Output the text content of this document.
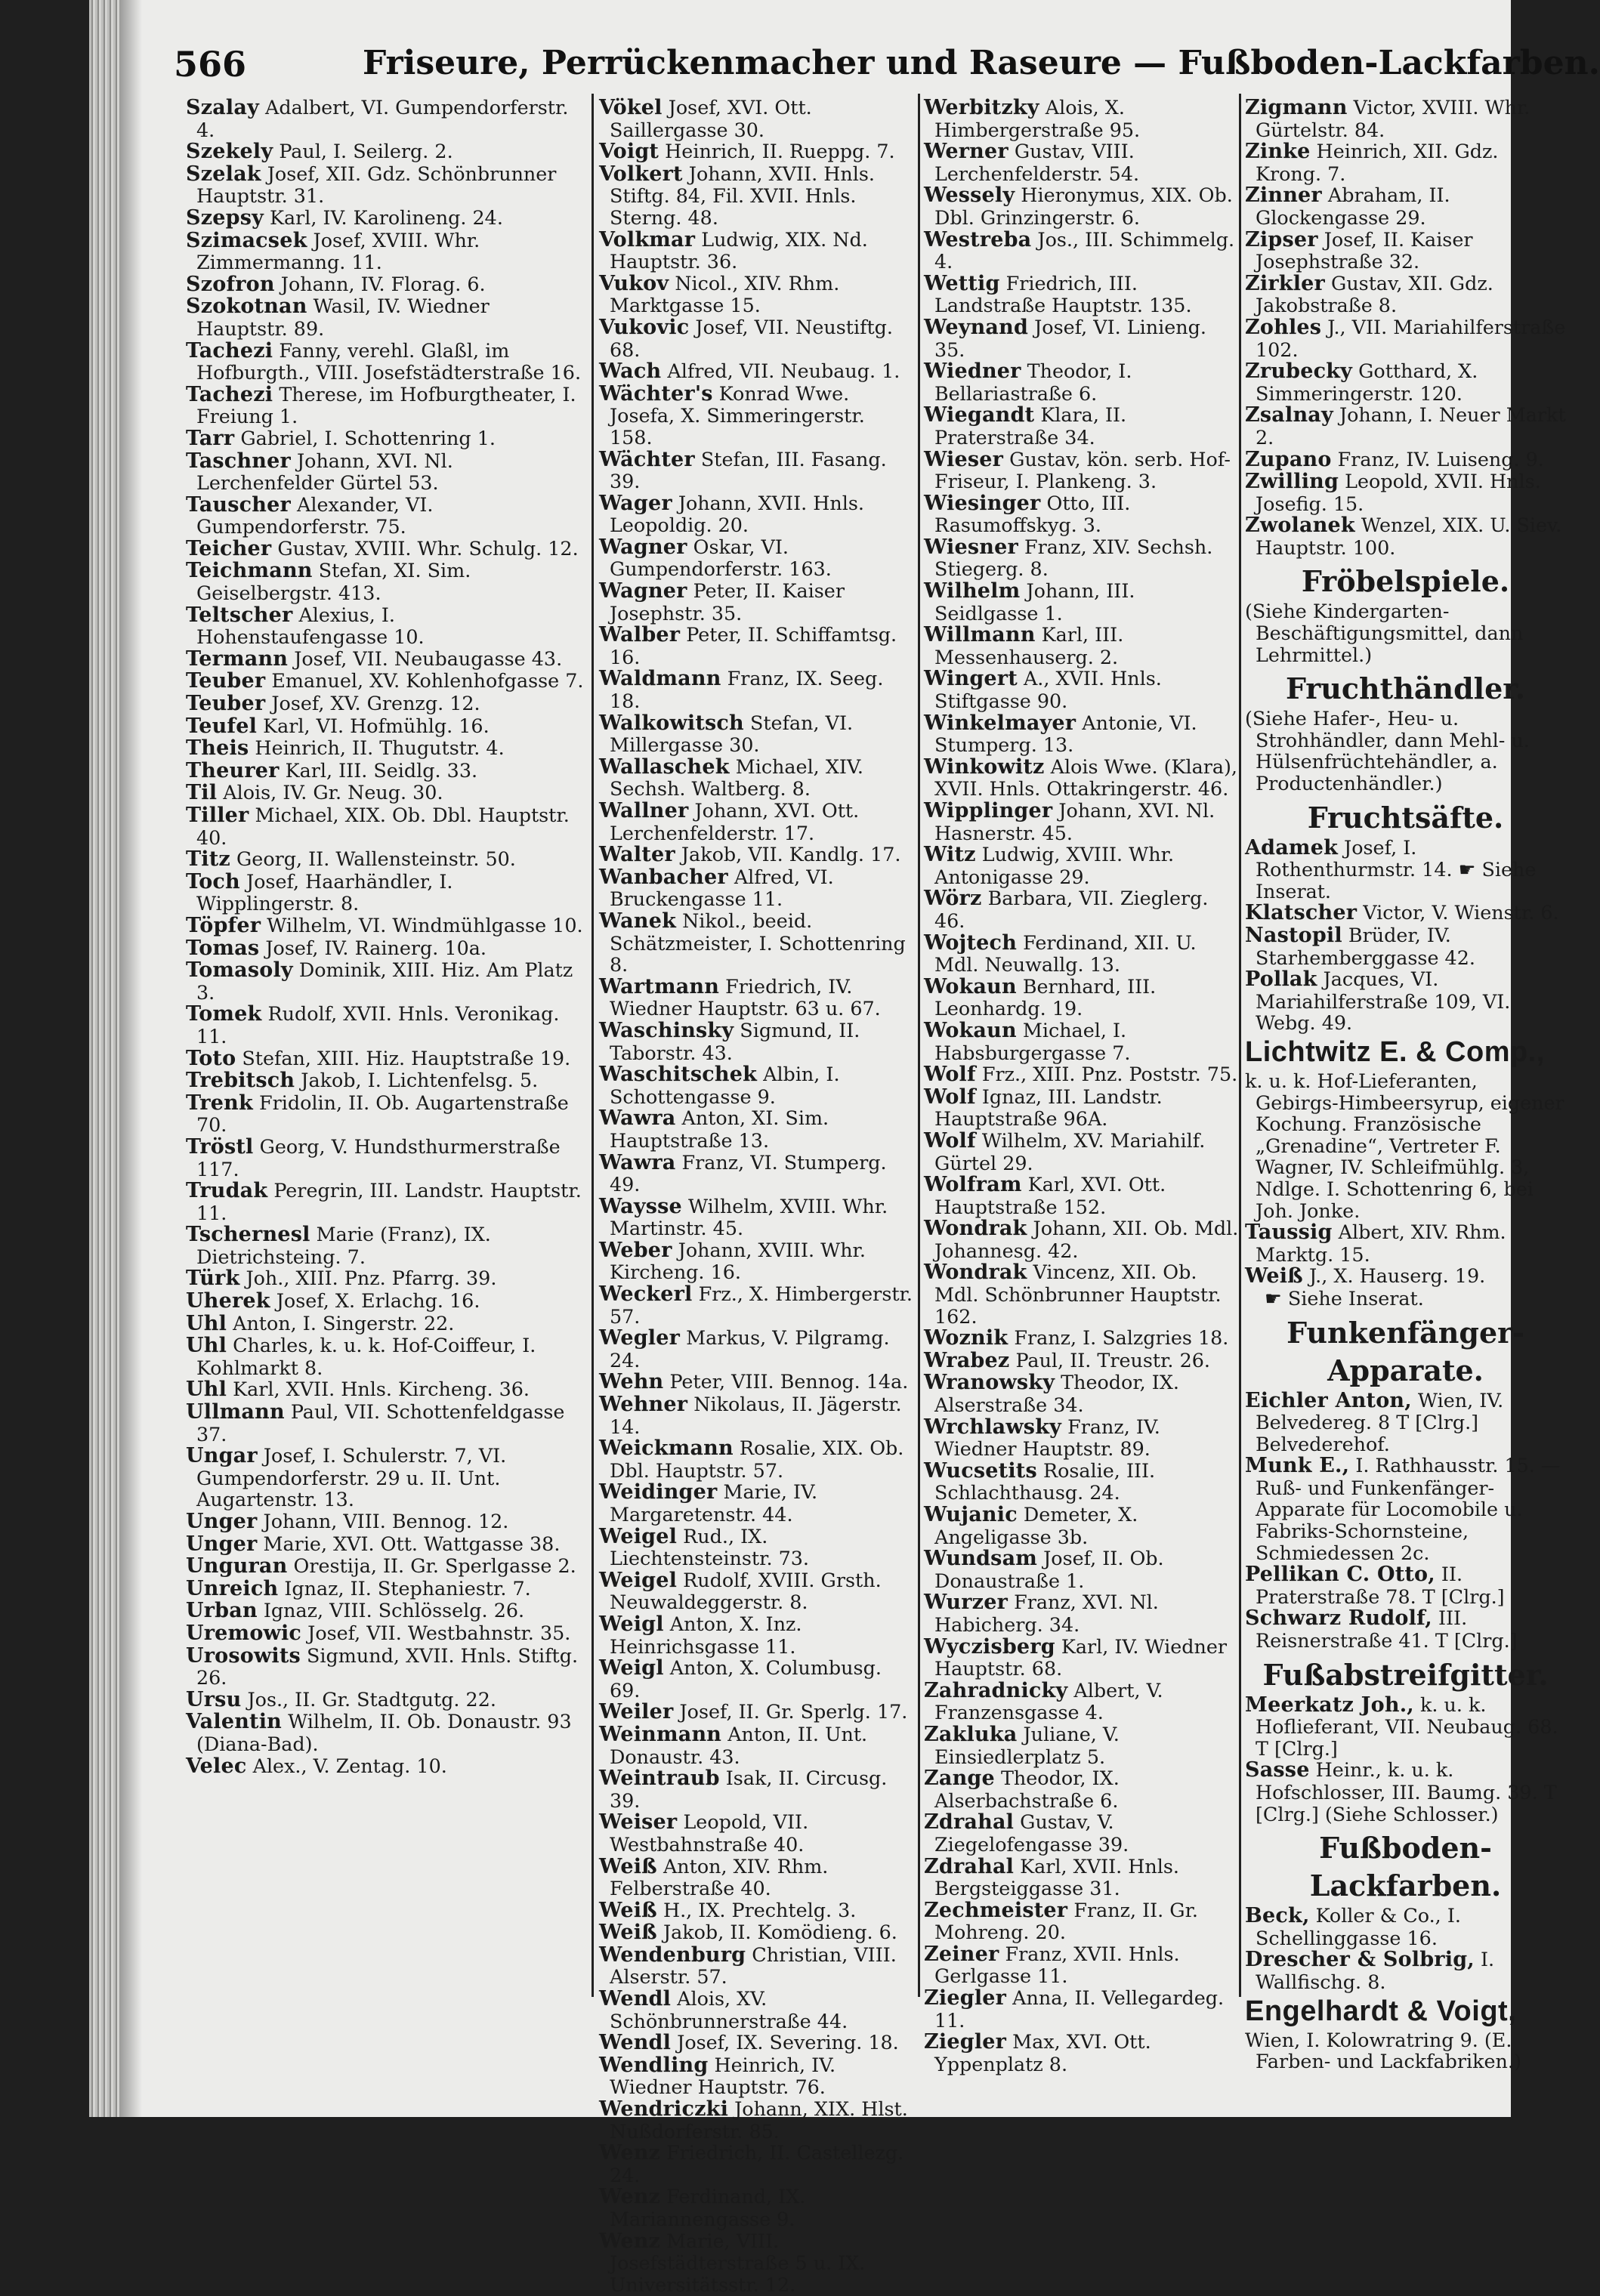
566	Friseure, Perrückenmacher und Raseure — Fußboden-Lackfarben.
Szalay Adalbert, VI. Gumpendorferstr. 4.
Szekely Paul, I. Seilerg. 2.
Szelak Josef, XII. Gdz. Schönbrunner Hauptstr. 31.
Szepsy Karl, IV. Karolineng. 24.
Szimacsek Josef, XVIII. Whr. Zimmermanng. 11.
Szofron Johann, IV. Florag. 6.
Szokotnan Wasil, IV. Wiedner Hauptstr. 89.
Tachezi Fanny, verehl. Glaßl, im Hofburgth., VIII. Josefstädterstraße 16.
Tachezi Therese, im Hofburgtheater, I. Freiung 1.
Tarr Gabriel, I. Schottenring 1.
Taschner Johann, XVI. Nl. Lerchenfelder Gürtel 53.
Tauscher Alexander, VI. Gumpendorferstr. 75.
Teicher Gustav, XVIII. Whr. Schulg. 12.
Teichmann Stefan, XI. Sim. Geiselbergstr. 413.
Teltscher Alexius, I. Hohenstaufengasse 10.
Termann Josef, VII. Neubaugasse 43.
Teuber Emanuel, XV. Kohlenhofgasse 7.
Teuber Josef, XV. Grenzg. 12.
Teufel Karl, VI. Hofmühlg. 16.
Theis Heinrich, II. Thugutstr. 4.
Theurer Karl, III. Seidlg. 33.
Til Alois, IV. Gr. Neug. 30.
Tiller Michael, XIX. Ob. Dbl. Hauptstr. 40.
Titz Georg, II. Wallensteinstr. 50.
Toch Josef, Haarhändler, I. Wipplingerstr. 8.
Töpfer Wilhelm, VI. Windmühlgasse 10.
Tomas Josef, IV. Rainerg. 10a.
Tomasoly Dominik, XIII. Hiz. Am Platz 3.
Tomek Rudolf, XVII. Hnls. Veronikag. 11.
Toto Stefan, XIII. Hiz. Hauptstraße 19.
Trebitsch Jakob, I. Lichtenfelsg. 5.
Trenk Fridolin, II. Ob. Augartenstraße 70.
Tröstl Georg, V. Hundsthurmerstraße 117.
Trudak Peregrin, III. Landstr. Hauptstr. 11.
Tschernesl Marie (Franz), IX. Dietrichsteing. 7.
Türk Joh., XIII. Pnz. Pfarrg. 39.
Uherek Josef, X. Erlachg. 16.
Uhl Anton, I. Singerstr. 22.
Uhl Charles, k. u. k. Hof-Coiffeur, I. Kohlmarkt 8.
Uhl Karl, XVII. Hnls. Kircheng. 36.
Ullmann Paul, VII. Schottenfeldgasse 37.
Ungar Josef, I. Schulerstr. 7, VI. Gumpendorferstr. 29 u. II. Unt. Augartenstr. 13.
Unger Johann, VIII. Bennog. 12.
Unger Marie, XVI. Ott. Wattgasse 38.
Unguran Orestija, II. Gr. Sperlgasse 2.
Unreich Ignaz, II. Stephaniestr. 7.
Urban Ignaz, VIII. Schlösselg. 26.
Uremowic Josef, VII. Westbahnstr. 35.
Urosowits Sigmund, XVII. Hnls. Stiftg. 26.
Ursu Jos., II. Gr. Stadtgutg. 22.
Valentin Wilhelm, II. Ob. Donaustr. 93 (Diana-Bad).
Velec Alex., V. Zentag. 10.
Vökel Josef, XVI. Ott. Saillergasse 30.
Voigt Heinrich, II. Rueppg. 7.
Volkert Johann, XVII. Hnls. Stiftg. 84, Fil. XVII. Hnls. Sterng. 48.
Volkmar Ludwig, XIX. Nd. Hauptstr. 36.
Vukov Nicol., XIV. Rhm. Marktgasse 15.
Vukovic Josef, VII. Neustiftg. 68.
Wach Alfred, VII. Neubaug. 1.
Wächter's Konrad Wwe. Josefa, X. Simmeringerstr. 158.
Wächter Stefan, III. Fasang. 39.
Wager Johann, XVII. Hnls. Leopoldig. 20.
Wagner Oskar, VI. Gumpendorferstr. 163.
Wagner Peter, II. Kaiser Josephstr. 35.
Walber Peter, II. Schiffamtsg. 16.
Waldmann Franz, IX. Seeg. 18.
Walkowitsch Stefan, VI. Millergasse 30.
Wallaschek Michael, XIV. Sechsh. Waltberg. 8.
Wallner Johann, XVI. Ott. Lerchenfelderstr. 17.
Walter Jakob, VII. Kandlg. 17.
Wanbacher Alfred, VI. Bruckengasse 11.
Wanek Nikol., beeid. Schätzmeister, I. Schottenring 8.
Wartmann Friedrich, IV. Wiedner Hauptstr. 63 u. 67.
Waschinsky Sigmund, II. Taborstr. 43.
Waschitschek Albin, I. Schottengasse 9.
Wawra Anton, XI. Sim. Hauptstraße 13.
Wawra Franz, VI. Stumperg. 49.
Waysse Wilhelm, XVIII. Whr. Martinstr. 45.
Weber Johann, XVIII. Whr. Kircheng. 16.
Weckerl Frz., X. Himbergerstr. 57.
Wegler Markus, V. Pilgramg. 24.
Wehn Peter, VIII. Bennog. 14a.
Wehner Nikolaus, II. Jägerstr. 14.
Weickmann Rosalie, XIX. Ob. Dbl. Hauptstr. 57.
Weidinger Marie, IV. Margaretenstr. 44.
Weigel Rud., IX. Liechtensteinstr. 73.
Weigel Rudolf, XVIII. Grsth. Neuwaldeggerstr. 8.
Weigl Anton, X. Inz. Heinrichsgasse 11.
Weigl Anton, X. Columbusg. 69.
Weiler Josef, II. Gr. Sperlg. 17.
Weinmann Anton, II. Unt. Donaustr. 43.
Weintraub Isak, II. Circusg. 39.
Weiser Leopold, VII. Westbahnstraße 40.
Weiß Anton, XIV. Rhm. Felberstraße 40.
Weiß H., IX. Prechtelg. 3.
Weiß Jakob, II. Komödieng. 6.
Wendenburg Christian, VIII. Alserstr. 57.
Wendl Alois, XV. Schönbrunnerstraße 44.
Wendl Josef, IX. Severing. 18.
Wendling Heinrich, IV. Wiedner Hauptstr. 76.
Wendriczki Johann, XIX. Hlst. Nußdorferstr. 85.
Wenz Friedrich, II. Castellezg. 24.
Wenz Ferdinand, IX. Mariannengasse 9.
Wenz Marie, VIII. Josefstädterstraße 5 u. IX. Universitätsstr. 12.
Werbitzky Alois, X. Himbergerstraße 95.
Werner Gustav, VIII. Lerchenfelderstr. 54.
Wessely Hieronymus, XIX. Ob. Dbl. Grinzingerstr. 6.
Westreba Jos., III. Schimmelg. 4.
Wettig Friedrich, III. Landstraße Hauptstr. 135.
Weynand Josef, VI. Linieng. 35.
Wiedner Theodor, I. Bellariastraße 6.
Wiegandt Klara, II. Praterstraße 34.
Wieser Gustav, kön. serb. Hof-Friseur, I. Plankeng. 3.
Wiesinger Otto, III. Rasumoffskyg. 3.
Wiesner Franz, XIV. Sechsh. Stiegerg. 8.
Wilhelm Johann, III. Seidlgasse 1.
Willmann Karl, III. Messenhauserg. 2.
Wingert A., XVII. Hnls. Stiftgasse 90.
Winkelmayer Antonie, VI. Stumperg. 13.
Winkowitz Alois Wwe. (Klara), XVII. Hnls. Ottakringerstr. 46.
Wipplinger Johann, XVI. Nl. Hasnerstr. 45.
Witz Ludwig, XVIII. Whr. Antonigasse 29.
Wörz Barbara, VII. Zieglerg. 46.
Wojtech Ferdinand, XII. U. Mdl. Neuwallg. 13.
Wokaun Bernhard, III. Leonhardg. 19.
Wokaun Michael, I. Habsburgergasse 7.
Wolf Frz., XIII. Pnz. Poststr. 75.
Wolf Ignaz, III. Landstr. Hauptstraße 96A.
Wolf Wilhelm, XV. Mariahilf. Gürtel 29.
Wolfram Karl, XVI. Ott. Hauptstraße 152.
Wondrak Johann, XII. Ob. Mdl. Johannesg. 42.
Wondrak Vincenz, XII. Ob. Mdl. Schönbrunner Hauptstr. 162.
Woznik Franz, I. Salzgries 18.
Wrabez Paul, II. Treustr. 26.
Wranowsky Theodor, IX. Alserstraße 34.
Wrchlawsky Franz, IV. Wiedner Hauptstr. 89.
Wucsetits Rosalie, III. Schlachthausg. 24.
Wujanic Demeter, X. Angeligasse 3b.
Wundsam Josef, II. Ob. Donaustraße 1.
Wurzer Franz, XVI. Nl. Habicherg. 34.
Wyczisberg Karl, IV. Wiedner Hauptstr. 68.
Zahradnicky Albert, V. Franzensgasse 4.
Zakluka Juliane, V. Einsiedlerplatz 5.
Zange Theodor, IX. Alserbachstraße 6.
Zdrahal Gustav, V. Ziegelofengasse 39.
Zdrahal Karl, XVII. Hnls. Bergsteiggasse 31.
Zechmeister Franz, II. Gr. Mohreng. 20.
Zeiner Franz, XVII. Hnls. Gerlgasse 11.
Ziegler Anna, II. Vellegardeg. 11.
Ziegler Max, XVI. Ott. Yppenplatz 8.
Zigmann Victor, XVIII. Whr. Gürtelstr. 84.
Zinke Heinrich, XII. Gdz. Krong. 7.
Zinner Abraham, II. Glockengasse 29.
Zipser Josef, II. Kaiser Josephstraße 32.
Zirkler Gustav, XII. Gdz. Jakobstraße 8.
Zohles J., VII. Mariahilferstraße 102.
Zrubecky Gotthard, X. Simmeringerstr. 120.
Zsalnay Johann, I. Neuer Markt 2.
Zupano Franz, IV. Luiseng. 9.
Zwilling Leopold, XVII. Hnls. Josefig. 15.
Zwolanek Wenzel, XIX. U. Siev. Hauptstr. 100.
Fröbelspiele.
(Siehe Kindergarten-Beschäftigungsmittel, dann Lehrmittel.)
Fruchthändler.
(Siehe Hafer-, Heu- u. Strohhändler, dann Mehl- u. Hülsenfrüchtehändler, a. Productenhändler.)
Fruchtsäfte.
Adamek Josef, I. Rothenthurmstr. 14. ☛ Siehe Inserat.
Klatscher Victor, V. Wienstr. 6.
Nastopil Brüder, IV. Starhemberggasse 42.
Pollak Jacques, VI. Mariahilferstraße 109, VI. Webg. 49.
Lichtwitz E. & Comp.,
k. u. k. Hof-Lieferanten, Gebirgs-Himbeersyrup, eigener Kochung. Französische „Grenadine“, Vertreter F. Wagner, IV. Schleifmühlg. 3, Ndlge. I. Schottenring 6, bei Joh. Jonke.
Taussig Albert, XIV. Rhm. Marktg. 15.
Weiß J., X. Hauserg. 19.
☛ Siehe Inserat.
Funkenfänger-Apparate.
Eichler Anton, Wien, IV. Belvedereg. 8 T [Clrg.] Belvederehof.
Munk E., I. Rathhausstr. 15. —Ruß- und Funkenfänger-Apparate für Locomobile u. Fabriks-Schornsteine, Schmiedessen 2c.
Pellikan C. Otto, II. Praterstraße 78. T [Clrg.]
Schwarz Rudolf, III. Reisnerstraße 41. T [Clrg.]
Fußabstreifgitter.
Meerkatz Joh., k. u. k. Hoflieferant, VII. Neubaug. 68. T [Clrg.]
Sasse Heinr., k. u. k. Hofschlosser, III. Baumg. 39. T [Clrg.] (Siehe Schlosser.)
Fußboden-Lackfarben.
Beck, Koller & Co., I. Schellinggasse 16.
Drescher & Solbrig, I. Wallfischg. 8.
Engelhardt & Voigt,
Wien, I. Kolowratring 9. (E. Farben- und Lackfabriken.)
